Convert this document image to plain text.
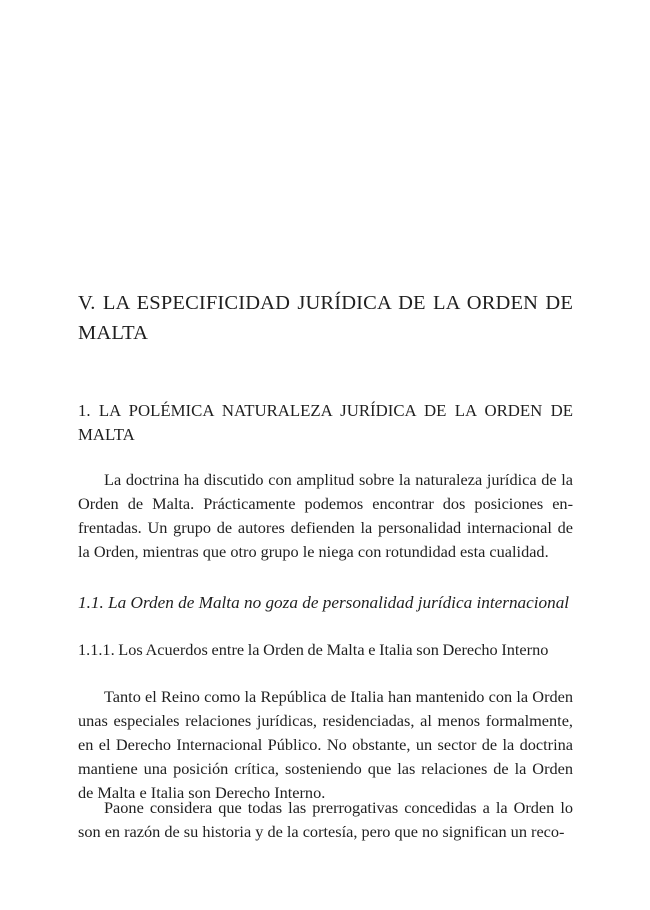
V. LA ESPECIFICIDAD JURÍDICA DE LA ORDEN DE MALTA
1. LA POLÉMICA NATURALEZA JURÍDICA DE LA ORDEN DE MALTA

La doctrina ha discutido con amplitud sobre la naturaleza jurídica de la Orden de Malta. Prácticamente podemos encontrar dos posiciones enfrentadas. Un grupo de autores defienden la personalidad internacional de la Orden, mientras que otro grupo le niega con rotundidad esta cualidad.

1.1. La Orden de Malta no goza de personalidad jurídica internacional
1.1.1. Los Acuerdos entre la Orden de Malta e Italia son Derecho Interno

Tanto el Reino como la República de Italia han mantenido con la Orden unas especiales relaciones jurídicas, residenciadas, al menos formalmente, en el Derecho Internacional Público. No obstante, un sector de la doctrina mantiene una posición crítica, sosteniendo que las relaciones de la Orden de Malta e Italia son Derecho Interno.

Paone considera que todas las prerrogativas concedidas a la Orden lo son en razón de su historia y de la cortesía, pero que no significan un reco-
